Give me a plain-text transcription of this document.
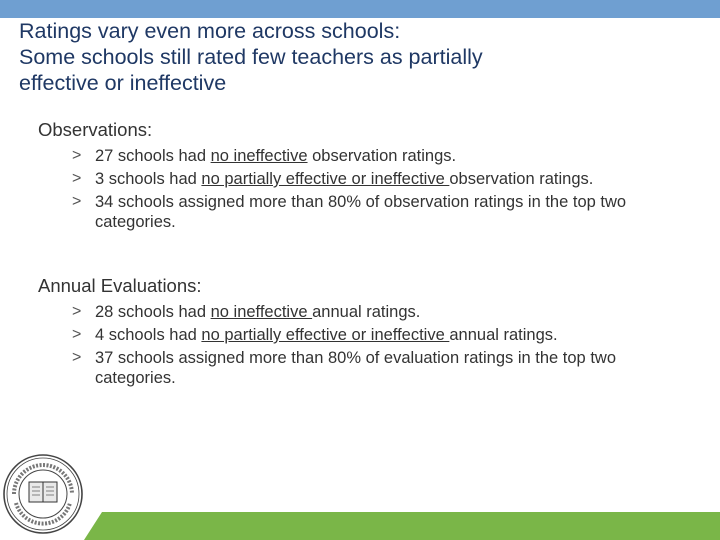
Ratings vary even more across schools:
Some schools still rated few teachers as partially
effective or ineffective
Observations:
> 27 schools had no ineffective observation ratings.
> 3 schools had no partially effective or ineffective observation ratings.
> 34 schools assigned more than 80% of observation ratings in the top two categories.
Annual Evaluations:
> 28 schools had no ineffective annual ratings.
> 4 schools had no partially effective or ineffective annual ratings.
> 37 schools assigned more than 80% of evaluation ratings in the top two categories.
